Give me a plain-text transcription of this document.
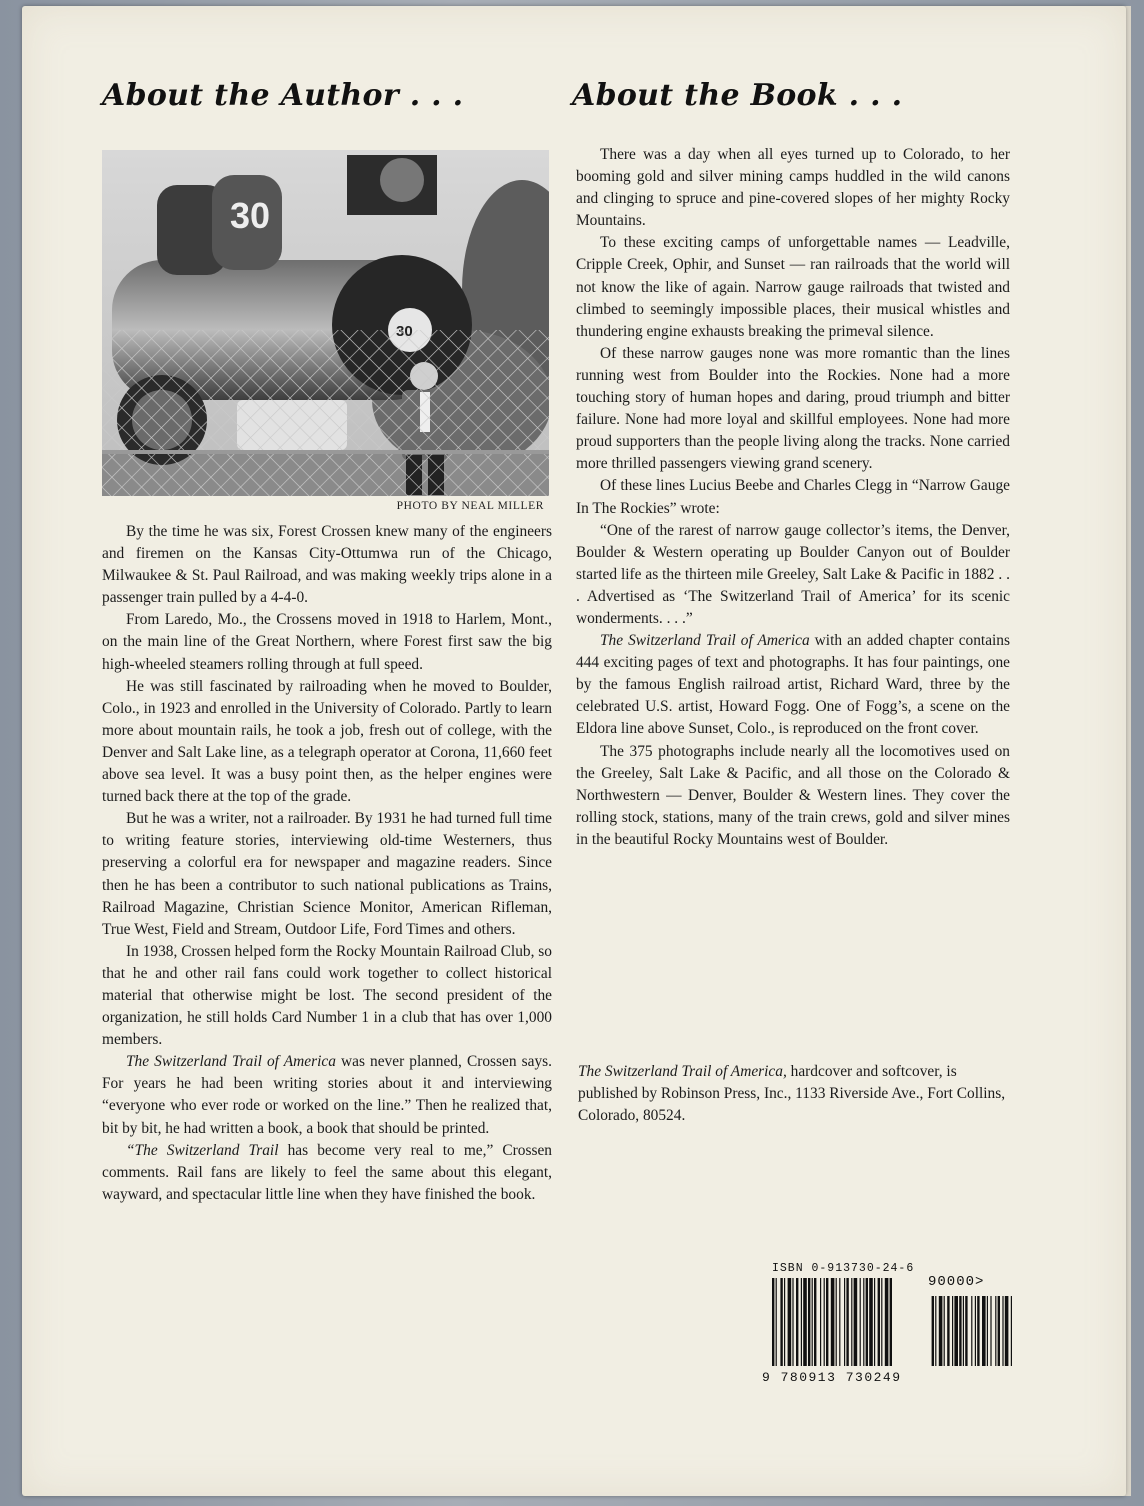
About the Author . . .	About the Book . . .
30
PHOTO BY NEAL MILLER

By the time he was six, Forest Crossen knew many of the engineers and firemen on the Kansas City-Ottumwa run of the Chicago, Milwaukee & St. Paul Railroad, and was making weekly trips alone in a passenger train pulled by a 4-4-0.

From Laredo, Mo., the Crossens moved in 1918 to Harlem, Mont., on the main line of the Great Northern, where Forest first saw the big high-wheeled steamers rolling through at full speed.

He was still fascinated by railroading when he moved to Boulder, Colo., in 1923 and enrolled in the University of Colorado. Partly to learn more about mountain rails, he took a job, fresh out of college, with the Denver and Salt Lake line, as a telegraph operator at Corona, 11,660 feet above sea level. It was a busy point then, as the helper engines were turned back there at the top of the grade.

But he was a writer, not a railroader. By 1931 he had turned full time to writing feature stories, interviewing old-time Westerners, thus preserving a colorful era for newspaper and magazine readers. Since then he has been a contributor to such national publications as Trains, Railroad Magazine, Christian Science Monitor, American Rifleman, True West, Field and Stream, Outdoor Life, Ford Times and others.

In 1938, Crossen helped form the Rocky Mountain Railroad Club, so that he and other rail fans could work together to collect historical material that otherwise might be lost. The second president of the organization, he still holds Card Number 1 in a club that has over 1,000 members.

The Switzerland Trail of America was never planned, Crossen says. For years he had been writing stories about it and interviewing “everyone who ever rode or worked on the line.” Then he realized that, bit by bit, he had written a book, a book that should be printed.

“The Switzerland Trail has become very real to me,” Crossen comments. Rail fans are likely to feel the same about this elegant, wayward, and spectacular little line when they have finished the book.

There was a day when all eyes turned up to Colorado, to her booming gold and silver mining camps huddled in the wild canons and clinging to spruce and pine-covered slopes of her mighty Rocky Mountains.

To these exciting camps of unforgettable names — Leadville, Cripple Creek, Ophir, and Sunset — ran railroads that the world will not know the like of again. Narrow gauge railroads that twisted and climbed to seemingly impossible places, their musical whistles and thundering engine exhausts breaking the primeval silence.

Of these narrow gauges none was more romantic than the lines running west from Boulder into the Rockies. None had a more touching story of human hopes and daring, proud triumph and bitter failure. None had more loyal and skillful employees. None had more proud supporters than the people living along the tracks. None carried more thrilled passengers viewing grand scenery.

Of these lines Lucius Beebe and Charles Clegg in “Narrow Gauge In The Rockies” wrote:

“One of the rarest of narrow gauge collector’s items, the Denver, Boulder & Western operating up Boulder Canyon out of Boulder started life as the thirteen mile Greeley, Salt Lake & Pacific in 1882 . . . Advertised as ‘The Switzerland Trail of America’ for its scenic wonderments. . . .”

The Switzerland Trail of America with an added chapter contains 444 exciting pages of text and photographs. It has four paintings, one by the famous English railroad artist, Richard Ward, three by the celebrated U.S. artist, Howard Fogg. One of Fogg’s, a scene on the Eldora line above Sunset, Colo., is reproduced on the front cover.

The 375 photographs include nearly all the locomotives used on the Greeley, Salt Lake & Pacific, and all those on the Colorado & Northwestern — Denver, Boulder & Western lines. They cover the rolling stock, stations, many of the train crews, gold and silver mines in the beautiful Rocky Mountains west of Boulder.

The Switzerland Trail of America, hardcover and softcover, is published by Robinson Press, Inc., 1133 Riverside Ave., Fort Collins, Colorado, 80524.
ISBN 0-913730-24-6
90000>
9 780913 730249
